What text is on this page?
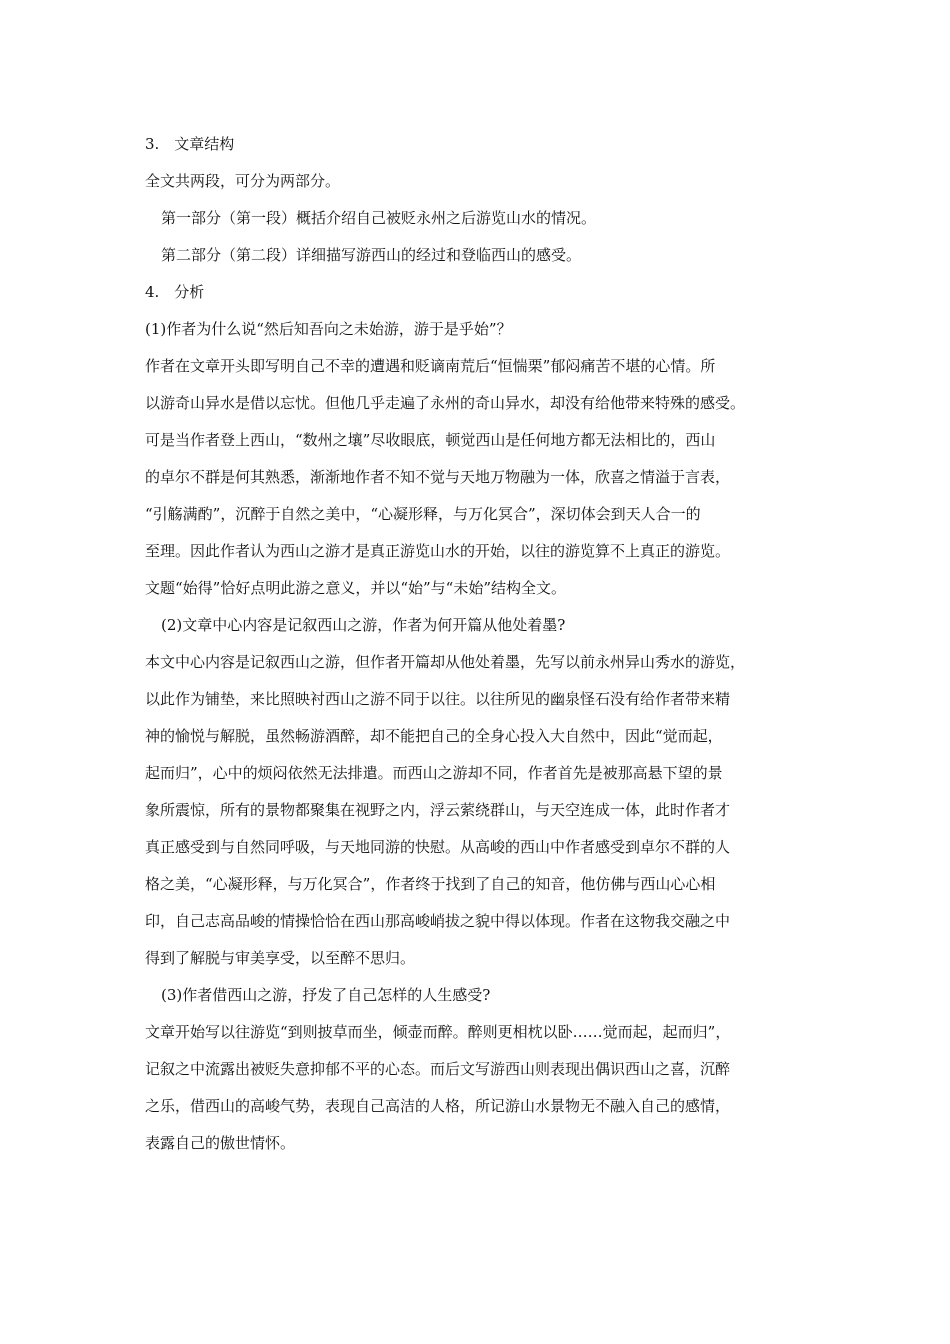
3.　文章结构
全文共两段，可分为两部分。
第一部分（第一段）概括介绍自己被贬永州之后游览山水的情况。
第二部分（第二段）详细描写游西山的经过和登临西山的感受。
4.　分析
(1)作者为什么说“然后知吾向之未始游，游于是乎始”？
作者在文章开头即写明自己不幸的遭遇和贬谪南荒后“恒惴栗”郁闷痛苦不堪的心情。所
以游奇山异水是借以忘忧。但他几乎走遍了永州的奇山异水，却没有给他带来特殊的感受。
可是当作者登上西山，“数州之壤”尽收眼底，顿觉西山是任何地方都无法相比的，西山
的卓尔不群是何其熟悉，渐渐地作者不知不觉与天地万物融为一体，欣喜之情溢于言表，
“引觞满酌”，沉醉于自然之美中，“心凝形释，与万化冥合”，深切体会到天人合一的
至理。因此作者认为西山之游才是真正游览山水的开始，以往的游览算不上真正的游览。
文题“始得”恰好点明此游之意义，并以“始”与“未始”结构全文。
(2)文章中心内容是记叙西山之游，作者为何开篇从他处着墨?
本文中心内容是记叙西山之游，但作者开篇却从他处着墨，先写以前永州异山秀水的游览，
以此作为铺垫，来比照映衬西山之游不同于以往。以往所见的幽泉怪石没有给作者带来精
神的愉悦与解脱，虽然畅游酒醉，却不能把自己的全身心投入大自然中，因此“觉而起，
起而归”，心中的烦闷依然无法排遣。而西山之游却不同，作者首先是被那高悬下望的景
象所震惊，所有的景物都聚集在视野之内，浮云萦绕群山，与天空连成一体，此时作者才
真正感受到与自然同呼吸，与天地同游的快慰。从高峻的西山中作者感受到卓尔不群的人
格之美，“心凝形释，与万化冥合”，作者终于找到了自己的知音，他仿佛与西山心心相
印，自己志高品峻的情操恰恰在西山那高峻峭拔之貌中得以体现。作者在这物我交融之中
得到了解脱与审美享受，以至醉不思归。
(3)作者借西山之游，抒发了自己怎样的人生感受?
文章开始写以往游览“到则披草而坐，倾壶而醉。醉则更相枕以卧……觉而起，起而归”，
记叙之中流露出被贬失意抑郁不平的心态。而后文写游西山则表现出偶识西山之喜，沉醉
之乐，借西山的高峻气势，表现自己高洁的人格，所记游山水景物无不融入自己的感情，
表露自己的傲世情怀。
